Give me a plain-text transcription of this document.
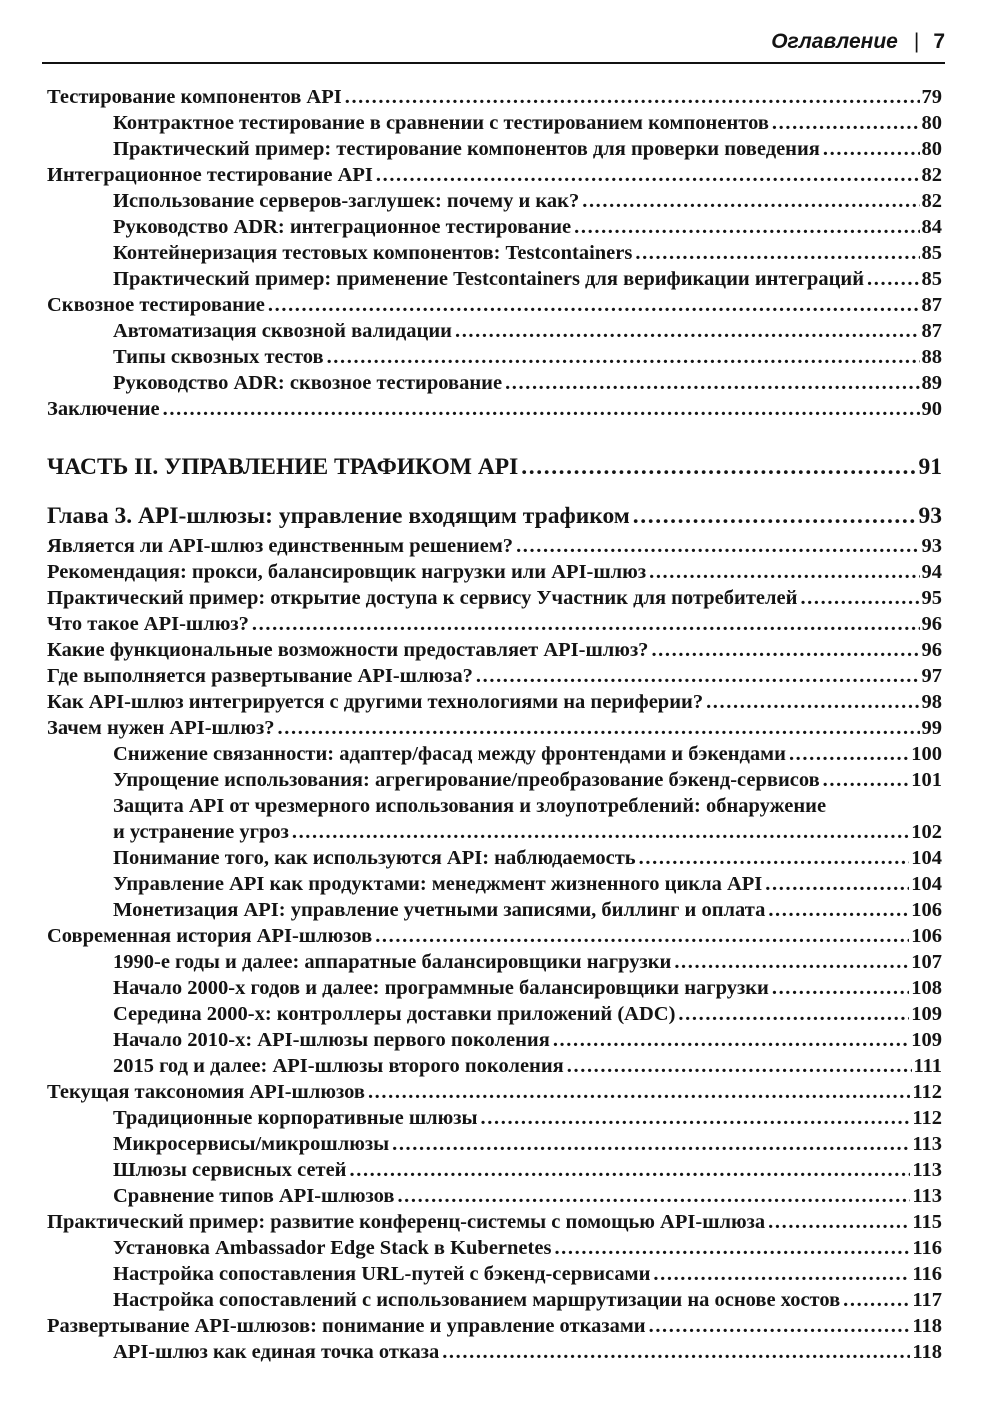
Оглавление | 7
Тестирование компонентов API .....	79
Контрактное тестирование в сравнении с тестированием компонентов .....	80
Практический пример: тестирование компонентов для проверки поведения .....	80
Интеграционное тестирование API .....	82
Использование серверов-заглушек: почему и как? .....	82
Руководство ADR: интеграционное тестирование .....	84
Контейнеризация тестовых компонентов: Testcontainers .....	85
Практический пример: применение Testcontainers для верификации интеграций .....	85
Сквозное тестирование .....	87
Автоматизация сквозной валидации .....	87
Типы сквозных тестов .....	88
Руководство ADR: сквозное тестирование .....	89
Заключение .....	90
ЧАСТЬ II. УПРАВЛЕНИЕ ТРАФИКОМ API .....	91
Глава 3. API-шлюзы: управление входящим трафиком .....	93
Является ли API-шлюз единственным решением? .....	93
Рекомендация: прокси, балансировщик нагрузки или API-шлюз .....	94
Практический пример: открытие доступа к сервису Участник для потребителей .....	95
Что такое API-шлюз? .....	96
Какие функциональные возможности предоставляет API-шлюз? .....	96
Где выполняется развертывание API-шлюза? .....	97
Как API-шлюз интегрируется с другими технологиями на периферии? .....	98
Зачем нужен API-шлюз? .....	99
Снижение связанности: адаптер/фасад между фронтендами и бэкендами .....	100
Упрощение использования: агрегирование/преобразование бэкенд-сервисов .....	101
Защита API от чрезмерного использования и злоупотреблений: обнаружение
и устранение угроз .....	102
Понимание того, как используются API: наблюдаемость .....	104
Управление API как продуктами: менеджмент жизненного цикла API .....	104
Монетизация API: управление учетными записями, биллинг и оплата .....	106
Современная история API-шлюзов .....	106
1990-е годы и далее: аппаратные балансировщики нагрузки .....	107
Начало 2000-х годов и далее: программные балансировщики нагрузки .....	108
Середина 2000-х: контроллеры доставки приложений (ADC) .....	109
Начало 2010-х: API-шлюзы первого поколения .....	109
2015 год и далее: API-шлюзы второго поколения .....	111
Текущая таксономия API-шлюзов .....	112
Традиционные корпоративные шлюзы .....	112
Микросервисы/микрошлюзы .....	113
Шлюзы сервисных сетей .....	113
Сравнение типов API-шлюзов .....	113
Практический пример: развитие конференц-системы с помощью API-шлюза .....	115
Установка Ambassador Edge Stack в Kubernetes .....	116
Настройка сопоставления URL-путей с бэкенд-сервисами .....	116
Настройка сопоставлений с использованием маршрутизации на основе хостов .....	117
Развертывание API-шлюзов: понимание и управление отказами .....	118
API-шлюз как единая точка отказа .....	118
